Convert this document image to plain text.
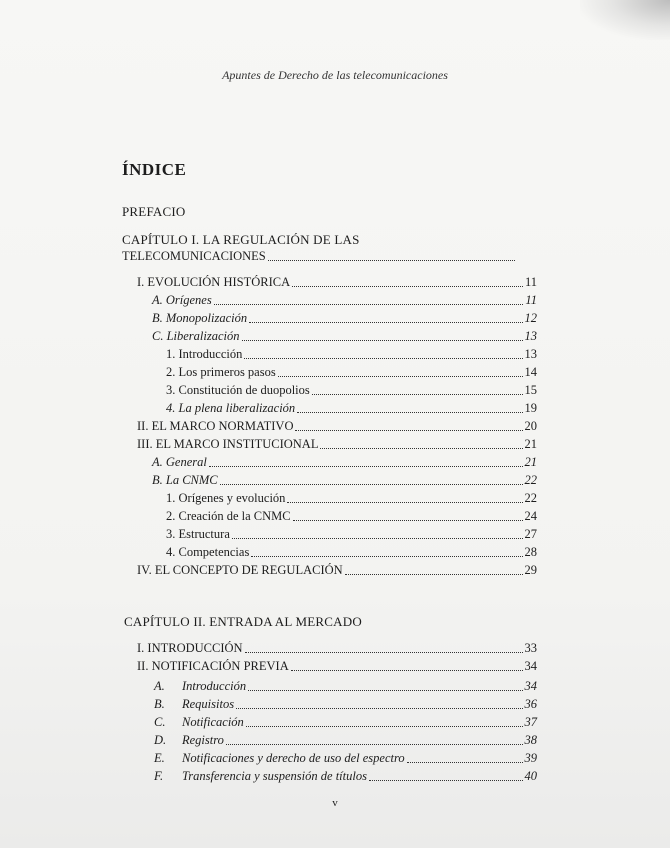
Apuntes de Derecho de las telecomunicaciones
ÍNDICE
PREFACIO
CAPÍTULO I. LA REGULACIÓN DE LAS
TELECOMUNICACIONES
I. EVOLUCIÓN HISTÓRICA	11
A. Orígenes	11
B. Monopolización	12
C. Liberalización	13
1. Introducción	13
2. Los primeros pasos	14
3. Constitución de duopolios	15
4. La plena liberalización	19
II. EL MARCO NORMATIVO	20
III. EL MARCO INSTITUCIONAL	21
A. General	21
B. La CNMC	22
1. Orígenes y evolución	22
2. Creación de la CNMC	24
3. Estructura	27
4. Competencias	28
IV. EL CONCEPTO DE REGULACIÓN	29
CAPÍTULO II. ENTRADA AL MERCADO
I. INTRODUCCIÓN	33
II. NOTIFICACIÓN PREVIA	34
A.	Introducción	34
B.	Requisitos	36
C.	Notificación	37
D.	Registro	38
E.	Notificaciones y derecho de uso del espectro	39
F.	Transferencia y suspensión de títulos	40
v
